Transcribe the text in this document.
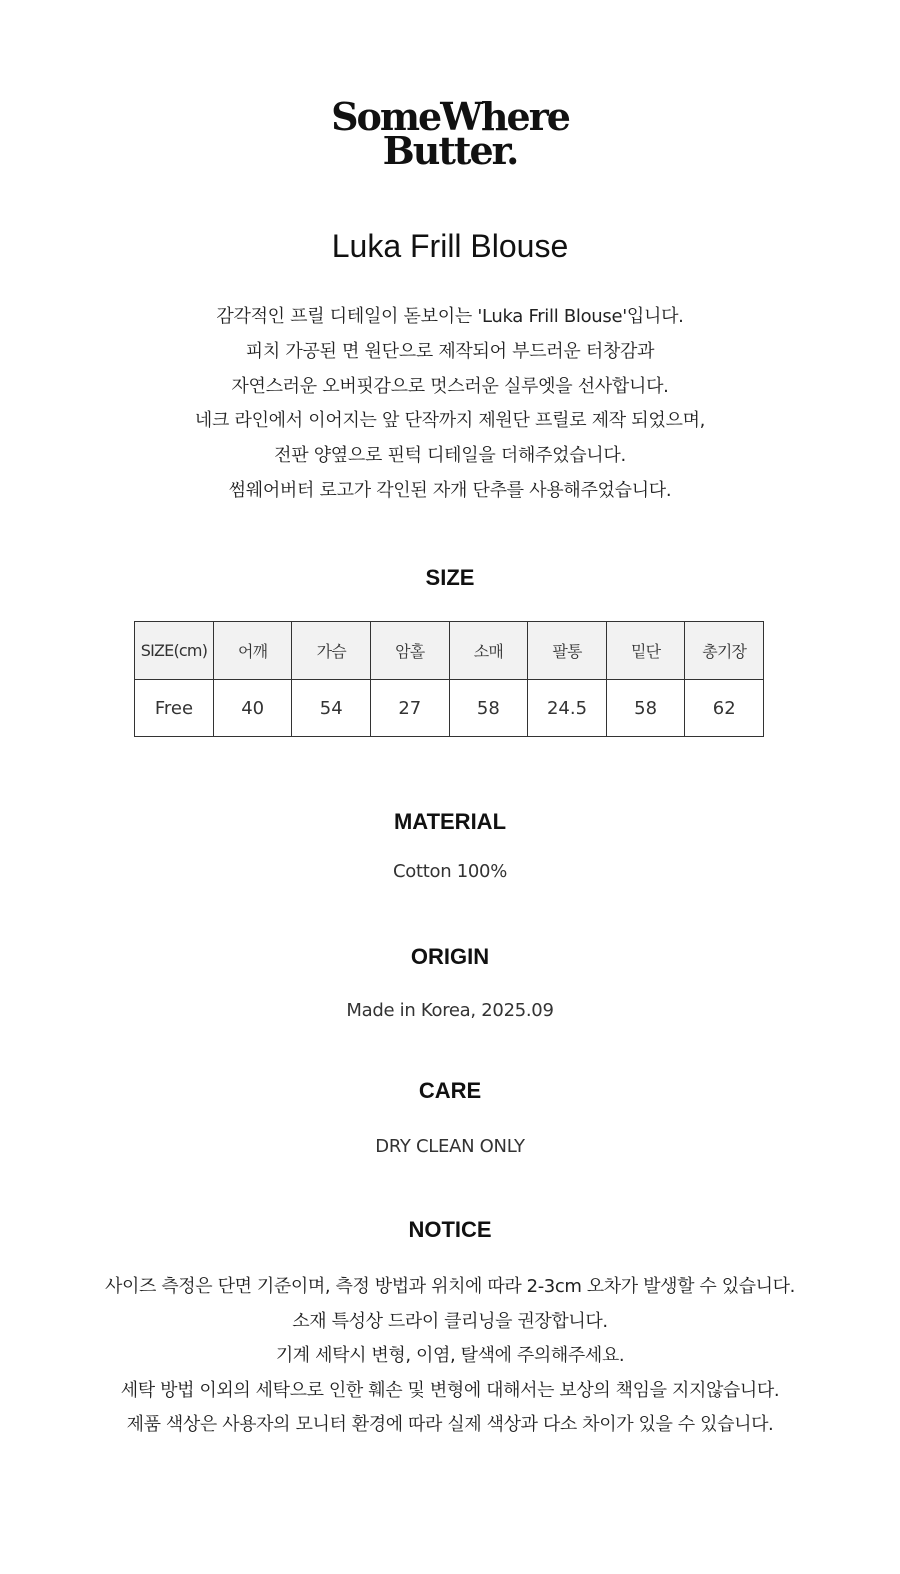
SomeWhere
Butter.
Luka Frill Blouse
감각적인 프릴 디테일이 돋보이는 'Luka Frill Blouse'입니다.
피치 가공된 면 원단으로 제작되어 부드러운 터창감과
자연스러운 오버핏감으로 멋스러운 실루엣을 선사합니다.
네크 라인에서 이어지는 앞 단작까지 제원단 프릴로 제작 되었으며,
전판 양옆으로 핀턱 디테일을 더해주었습니다.
썸웨어버터 로고가 각인된 자개 단추를 사용해주었습니다.
SIZE
SIZE(cm)	어깨	가슴	암홀	소매	팔통	밑단	총기장
Free	40	54	27	58	24.5	58	62
MATERIAL
Cotton 100%
ORIGIN
Made in Korea, 2025.09
CARE
DRY CLEAN ONLY
NOTICE
사이즈 측정은 단면 기준이며, 측정 방법과 위치에 따라 2-3cm 오차가 발생할 수 있습니다.
소재 특성상 드라이 클리닝을 권장합니다.
기계 세탁시 변형, 이염, 탈색에 주의해주세요.
세탁 방법 이외의 세탁으로 인한 훼손 및 변형에 대해서는 보상의 책임을 지지않습니다.
제품 색상은 사용자의 모니터 환경에 따라 실제 색상과 다소 차이가 있을 수 있습니다.
